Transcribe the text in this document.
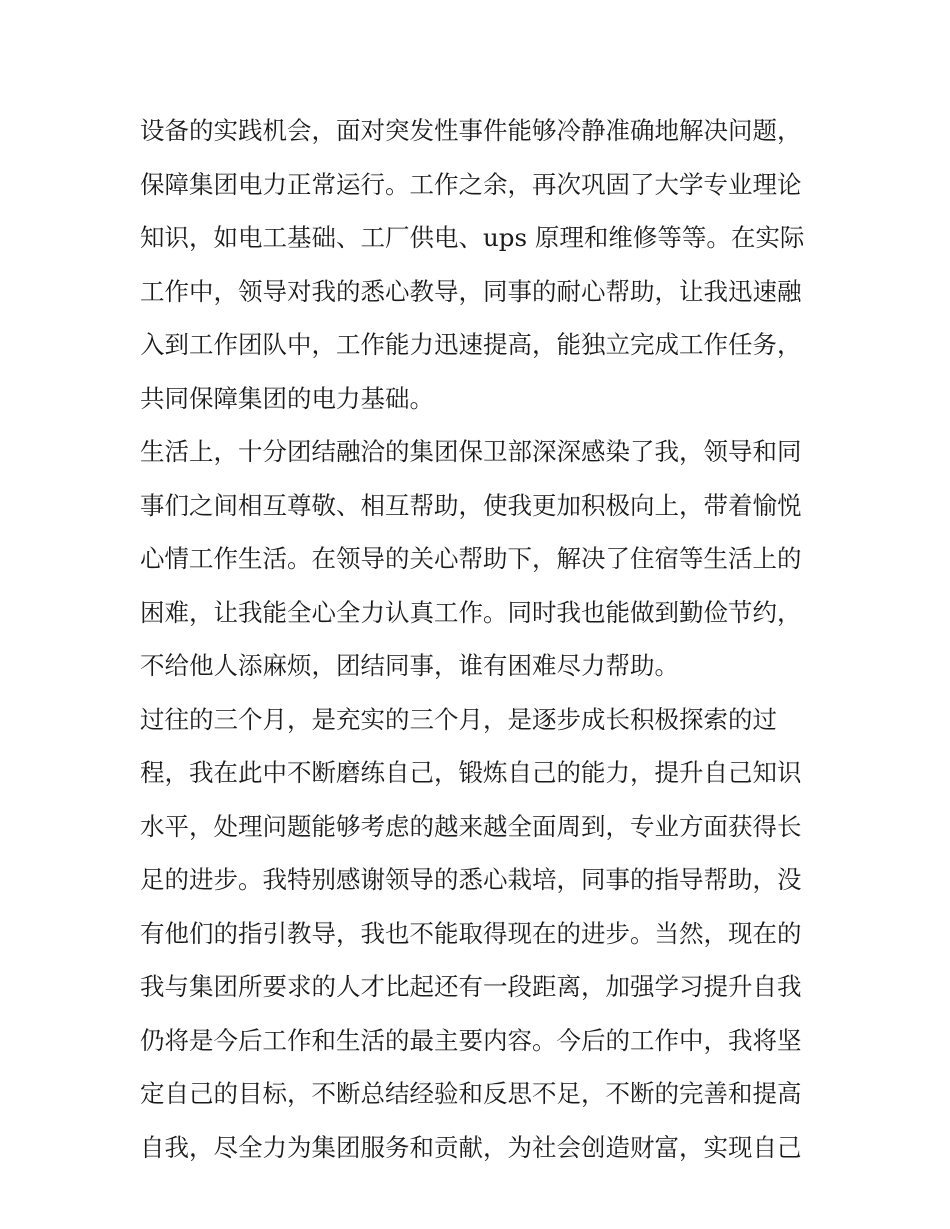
设备的实践机会，面对突发性事件能够冷静准确地解决问题，
保障集团电力正常运行。工作之余，再次巩固了大学专业理论
知识，如电工基础、工厂供电、ups 原理和维修等等。在实际
工作中，领导对我的悉心教导，同事的耐心帮助，让我迅速融
入到工作团队中，工作能力迅速提高，能独立完成工作任务，
共同保障集团的电力基础。
生活上，十分团结融洽的集团保卫部深深感染了我，领导和同
事们之间相互尊敬、相互帮助，使我更加积极向上，带着愉悦
心情工作生活。在领导的关心帮助下，解决了住宿等生活上的
困难，让我能全心全力认真工作。同时我也能做到勤俭节约，
不给他人添麻烦，团结同事，谁有困难尽力帮助。
过往的三个月，是充实的三个月，是逐步成长积极探索的过
程，我在此中不断磨练自己，锻炼自己的能力，提升自己知识
水平，处理问题能够考虑的越来越全面周到，专业方面获得长
足的进步。我特别感谢领导的悉心栽培，同事的指导帮助，没
有他们的指引教导，我也不能取得现在的进步。当然，现在的
我与集团所要求的人才比起还有一段距离，加强学习提升自我
仍将是今后工作和生活的最主要内容。今后的工作中，我将坚
定自己的目标，不断总结经验和反思不足，不断的完善和提高
自我，尽全力为集团服务和贡献，为社会创造财富，实现自己
